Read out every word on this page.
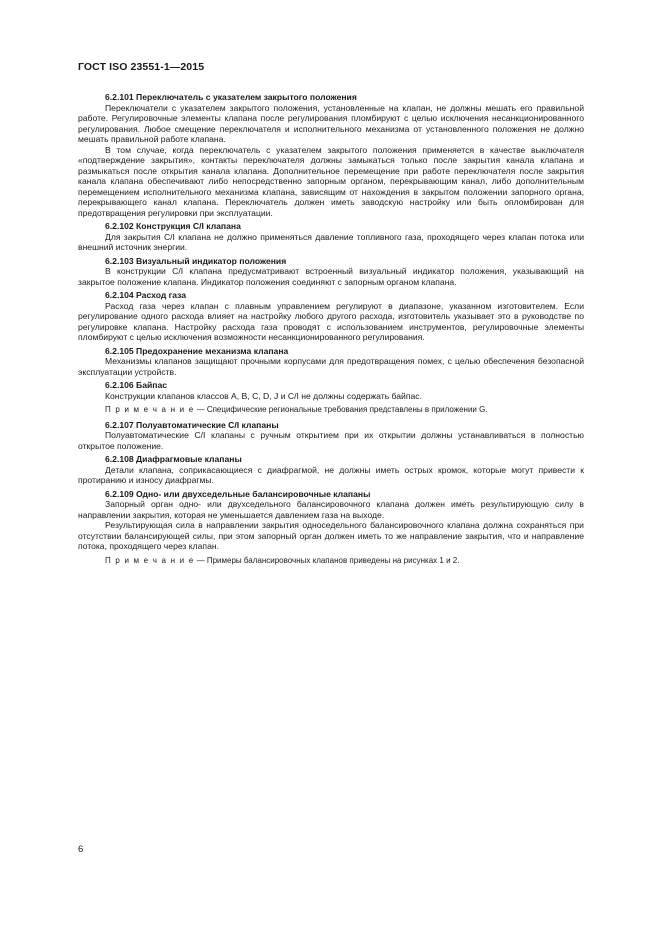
ГОСТ ISO 23551-1—2015

6.2.101 Переключатель с указателем закрытого положения

Переключатели с указателем закрытого положения, установленные на клапан, не должны мешать его правильной работе. Регулировочные элементы клапана после регулирования пломбируют с целью исключения несанкционированного регулирования. Любое смещение переключателя и исполнительного механизма от установленного положения не должно мешать правильной работе клапана.

В том случае, когда переключатель с указателем закрытого положения применяется в качестве выключателя «подтверждение закрытия», контакты переключателя должны замыкаться только после закрытия канала клапана и размыкаться после открытия канала клапана. Дополнительное перемещение при работе переключателя после закрытия канала клапана обеспечивают либо непосредственно запорным органом, перекрывающим канал, либо дополнительным перемещением исполнительного механизма клапана, зависящим от нахождения в закрытом положении запорного органа, перекрывающего канал клапана. Переключатель должен иметь заводскую настройку или быть опломбирован для предотвращения регулировки при эксплуатации.

6.2.102 Конструкция С/I клапана

Для закрытия С/I клапана не должно применяться давление топливного газа, проходящего через клапан потока или внешний источник энергии.

6.2.103 Визуальный индикатор положения

В конструкции С/I клапана предусматривают встроенный визуальный индикатор положения, указывающий на закрытое положение клапана. Индикатор положения соединяют с запорным органом клапана.

6.2.104 Расход газа

Расход газа через клапан с плавным управлением регулируют в диапазоне, указанном изготовителем. Если регулирование одного расхода влияет на настройку любого другого расхода, изготовитель указывает это в руководстве по регулировке клапана. Настройку расхода газа проводят с использованием инструментов, регулировочные элементы пломбируют с целью исключения возможности несанкционированного регулирования.

6.2.105 Предохранение механизма клапана

Механизмы клапанов защищают прочными корпусами для предотвращения помех, с целью обеспечения безопасной эксплуатации устройств.

6.2.106 Байпас

Конструкции клапанов классов А, В, С, D, J и С/I не должны содержать байпас.

П р и м е ч а н и е — Специфические региональные требования представлены в приложении G.

6.2.107 Полуавтоматические С/I клапаны

Полуавтоматические С/I клапаны с ручным открытием при их открытии должны устанавливаться в полностью открытое положение.

6.2.108 Диафрагмовые клапаны

Детали клапана, соприкасающиеся с диафрагмой, не должны иметь острых кромок, которые могут привести к протиранию и износу диафрагмы.

6.2.109 Одно- или двухседельные балансировочные клапаны

Запорный орган одно- или двухседельного балансировочного клапана должен иметь результирующую силу в направлении закрытия, которая не уменьшается давлением газа на выходе.

Результирующая сила в направлении закрытия односедельного балансировочного клапана должна сохраняться при отсутствии балансирующей силы, при этом запорный орган должен иметь то же направление закрытия, что и направление потока, проходящего через клапан.

П р и м е ч а н и е — Примеры балансировочных клапанов приведены на рисунках 1 и 2.

6
